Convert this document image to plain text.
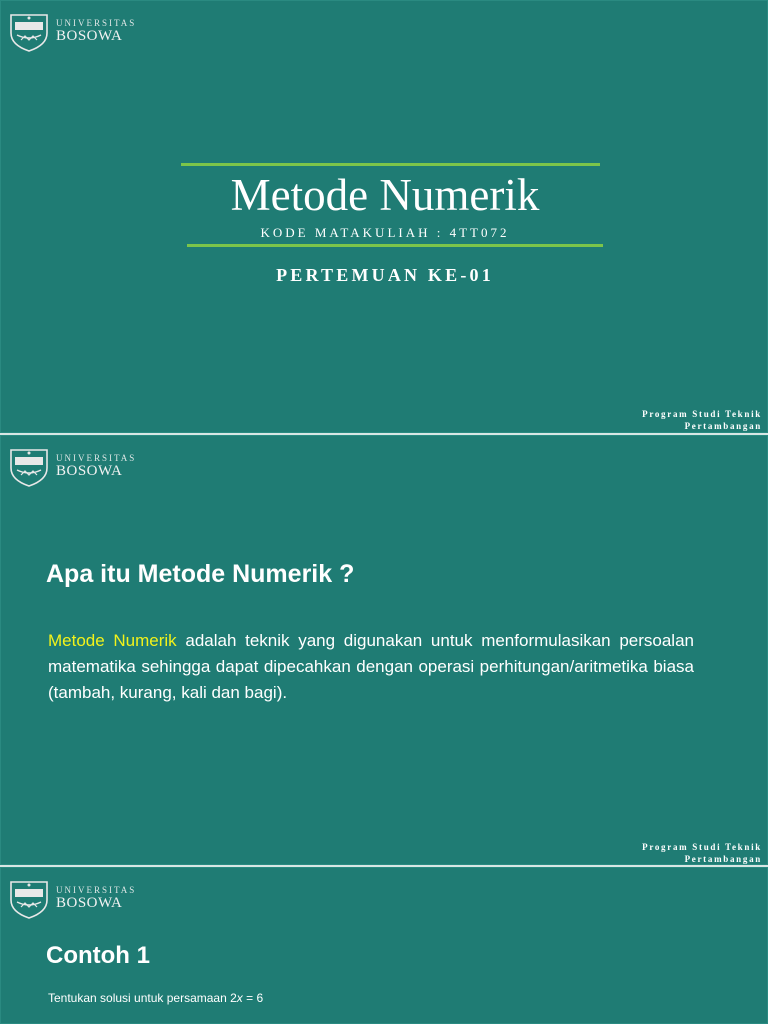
UNIVERSITAS
BOSOWA
Metode Numerik
KODE MATAKULIAH : 4TT072
PERTEMUAN KE-01
Program Studi Teknik
Pertambangan
UNIVERSITAS
BOSOWA
Apa itu Metode Numerik ?
Metode Numerik adalah teknik yang digunakan untuk menformulasikan persoalan matematika sehingga dapat dipecahkan dengan operasi perhitungan/aritmetika biasa (tambah, kurang, kali dan bagi).
Program Studi Teknik
Pertambangan
UNIVERSITAS
BOSOWA
Contoh 1
Tentukan solusi untuk persamaan 2x = 6
